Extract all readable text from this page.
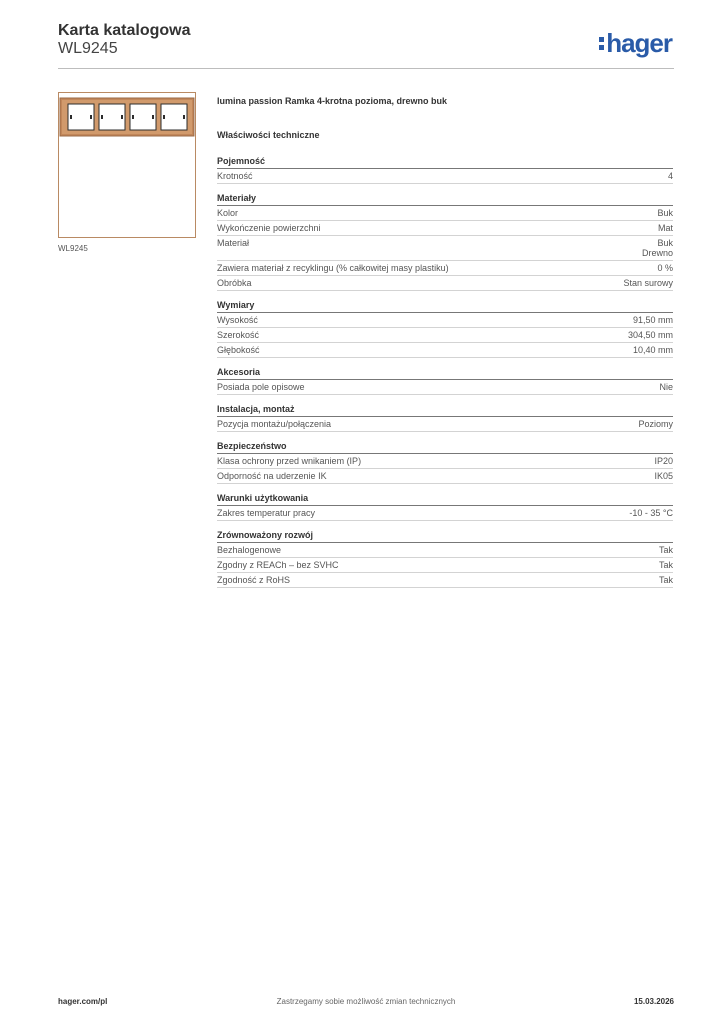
Karta katalogowa
WL9245	hager
WL9245
lumina passion Ramka 4-krotna pozioma, drewno buk
Właściwości techniczne
Pojemność
Krotność	4
Materiały
Kolor	Buk
Wykończenie powierzchni	Mat
Materiał	Buk
Drewno
Zawiera materiał z recyklingu (% całkowitej masy plastiku)	0 %
Obróbka	Stan surowy
Wymiary
Wysokość	91,50 mm
Szerokość	304,50 mm
Głębokość	10,40 mm
Akcesoria
Posiada pole opisowe	Nie
Instalacja, montaż
Pozycja montażu/połączenia	Poziomy
Bezpieczeństwo
Klasa ochrony przed wnikaniem (IP)	IP20
Odporność na uderzenie IK	IK05
Warunki użytkowania
Zakres temperatur pracy	-10 - 35 °C
Zrównoważony rozwój
Bezhalogenowe	Tak
Zgodny z REACh – bez SVHC	Tak
Zgodność z RoHS	Tak
hager.com/pl	Zastrzegamy sobie możliwość zmian technicznych	15.03.2026
